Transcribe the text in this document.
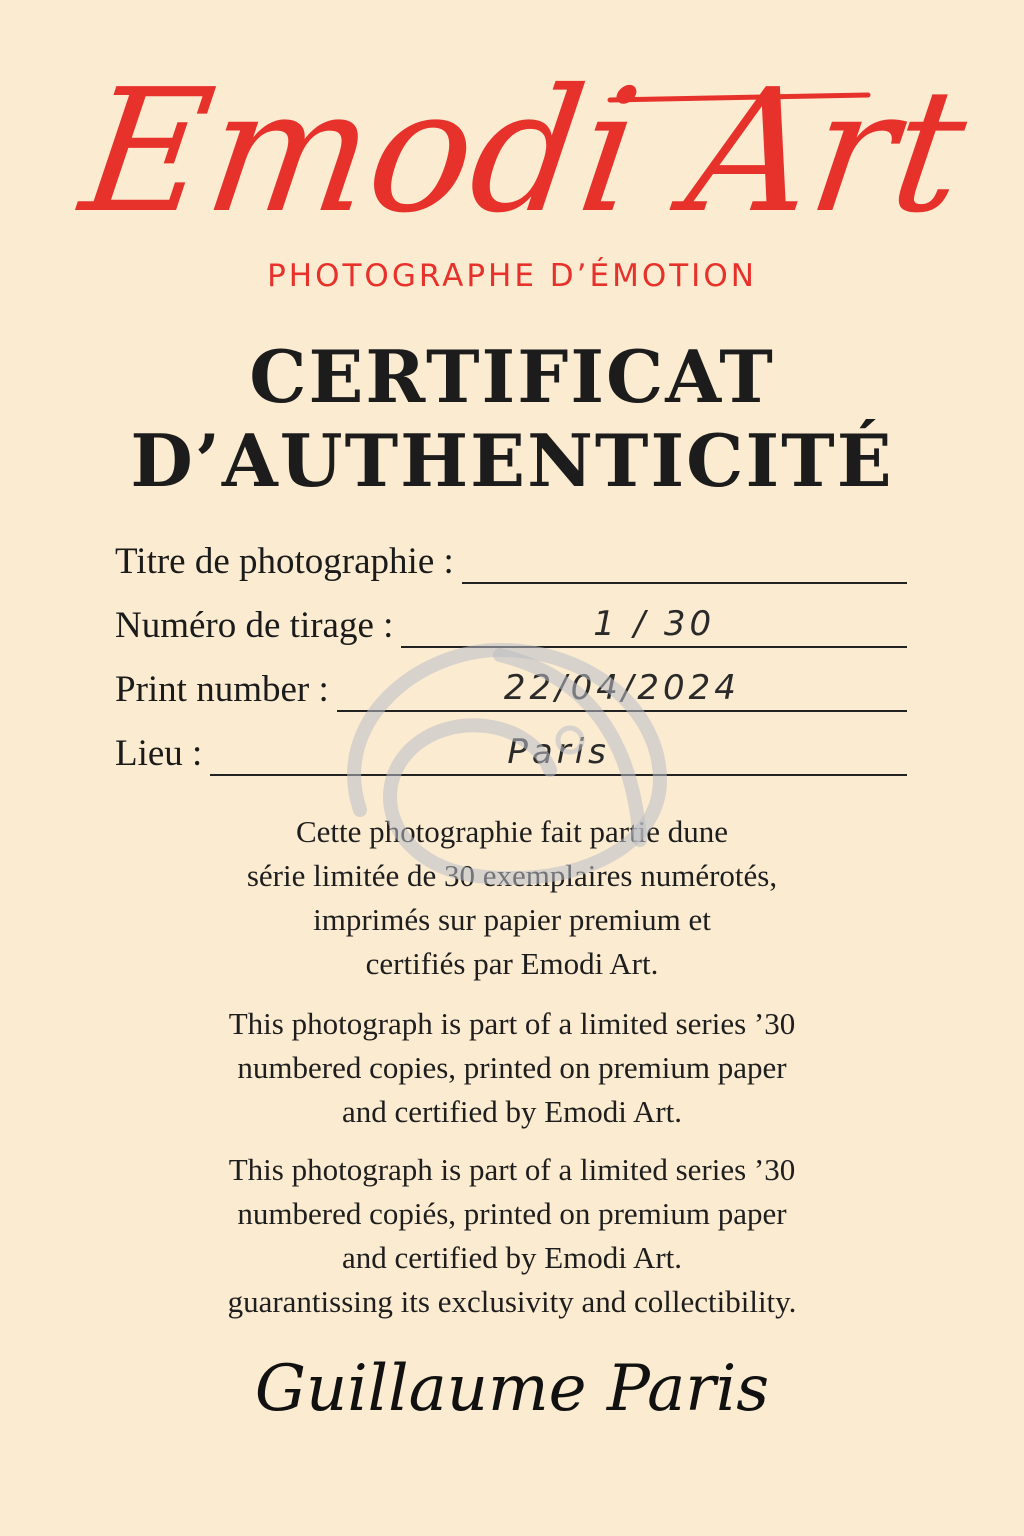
Emodi Art
PHOTOGRAPHE D’ÉMOTION
CERTIFICAT
D’AUTHENTICITÉ
Titre de photographie :
Numéro de tirage :	1 / 30
Print number :	22/04/2024
Lieu :	Paris

Cette photographie fait partie dune

série limitée de 30 exemplaires numérotés,

imprimés sur papier premium et

certifiés par Emodi Art.

This photograph is part of a limited series ’30

numbered copies, printed on premium paper

and certified by Emodi Art.

This photograph is part of a limited series ’30

numbered copiés, printed on premium paper

and certified by Emodi Art.

guarantissing its exclusivity and collectibility.

Guillaume Paris
